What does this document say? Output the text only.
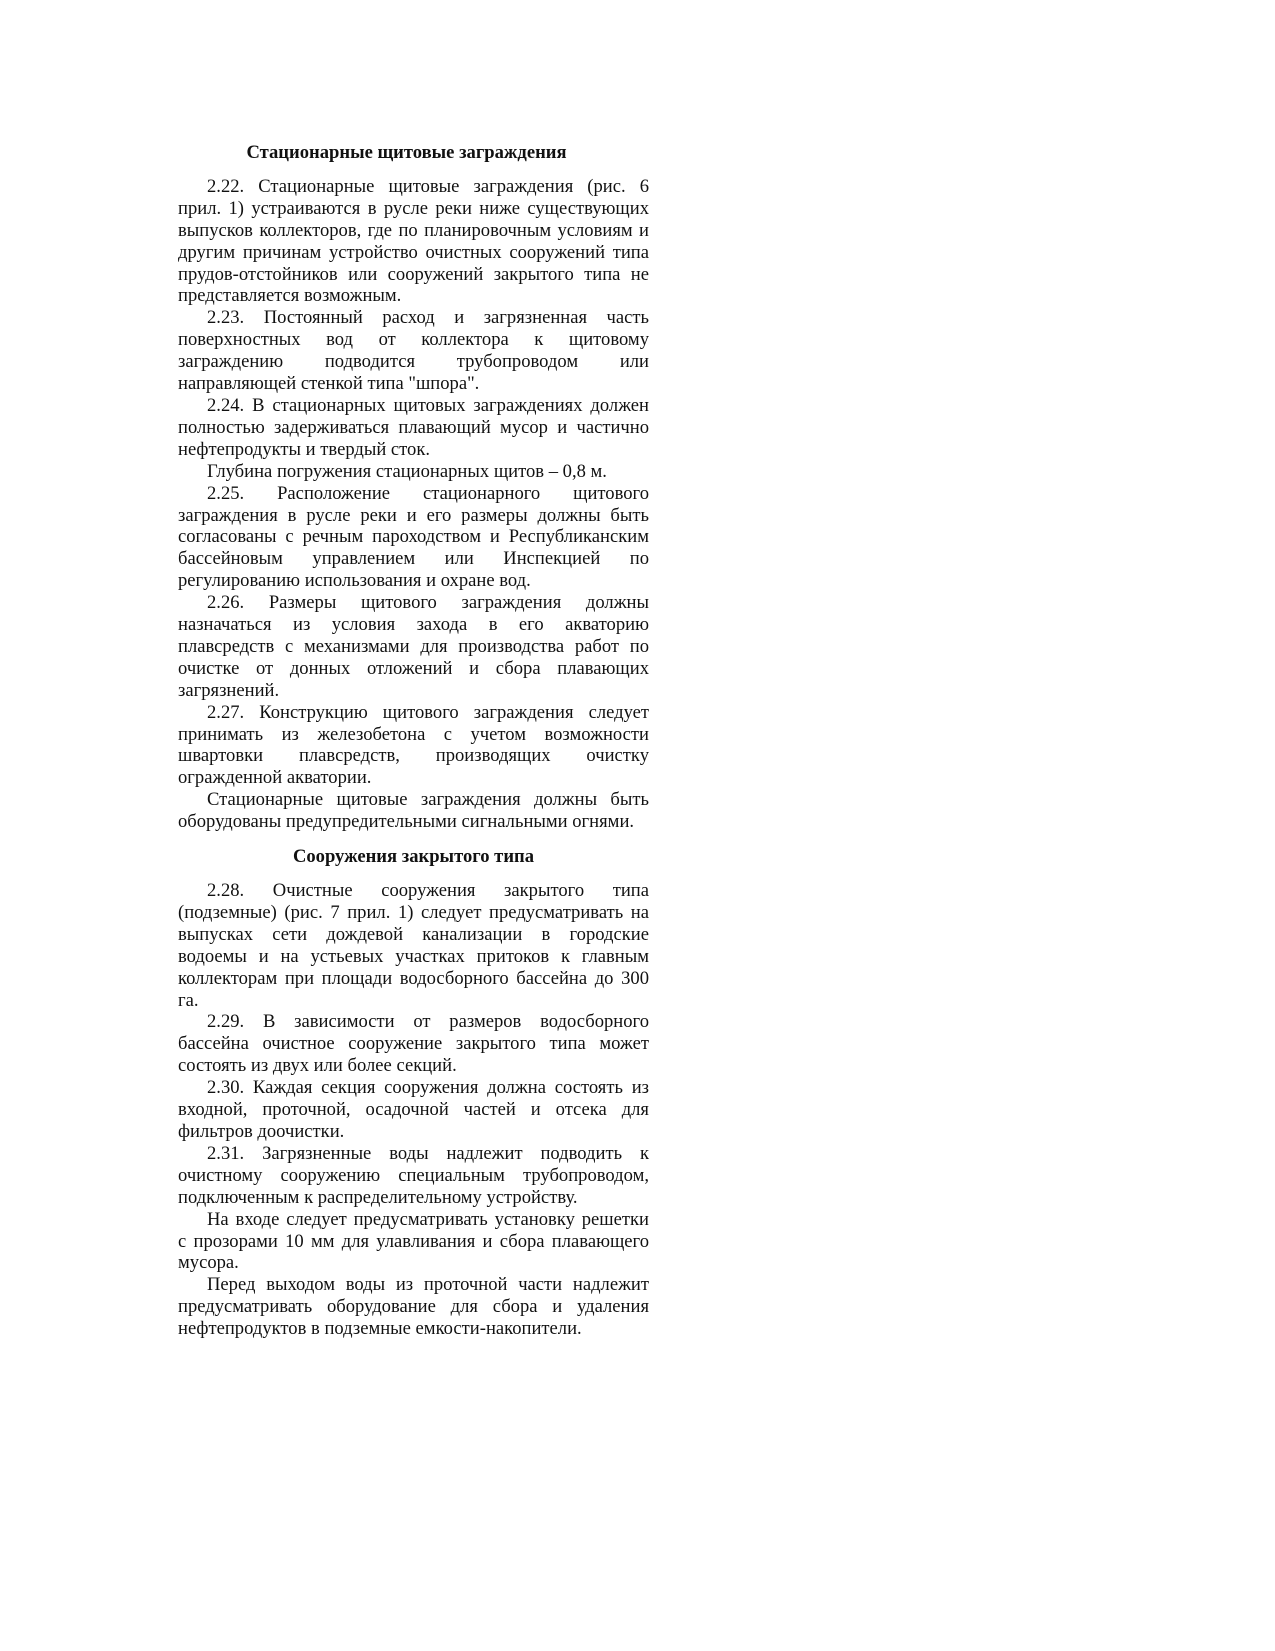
Стационарные щитовые заграждения

2.22. Стационарные щитовые заграждения (рис. 6 прил. 1) устраиваются в русле реки ниже существующих выпусков коллекторов, где по планировочным условиям и другим причинам устройство очистных сооружений типа прудов-отстойников или сооружений закрытого типа не представляется возможным.

2.23. Постоянный расход и загрязненная часть поверхностных вод от коллектора к щитовому заграждению подводится трубопроводом или направляющей стенкой типа "шпора".

2.24. В стационарных щитовых заграждениях должен полностью задерживаться плавающий мусор и частично нефтепродукты и твердый сток.

Глубина погружения стационарных щитов – 0,8 м.

2.25. Расположение стационарного щитового заграждения в русле реки и его размеры должны быть согласованы с речным пароходством и Республиканским бассейновым управлением или Инспекцией по регулированию использования и охране вод.

2.26. Размеры щитового заграждения должны назначаться из условия захода в его акваторию плавсредств с механизмами для производства работ по очистке от донных отложений и сбора плавающих загрязнений.

2.27. Конструкцию щитового заграждения следует принимать из железобетона с учетом возможности швартовки плавсредств, производящих очистку огражденной акватории.

Стационарные щитовые заграждения должны быть оборудованы предупредительными сигнальными огнями.

Сооружения закрытого типа

2.28. Очистные сооружения закрытого типа (подземные) (рис. 7 прил. 1) следует предусматривать на выпусках сети дождевой канализации в городские водоемы и на устьевых участках притоков к главным коллекторам при площади водосборного бассейна до 300 га.

2.29. В зависимости от размеров водосборного бассейна очистное сооружение закрытого типа может состоять из двух или более секций.

2.30. Каждая секция сооружения должна состоять из входной, проточной, осадочной частей и отсека для фильтров доочистки.

2.31. Загрязненные воды надлежит подводить к очистному сооружению специальным трубопроводом, подключенным к распределительному устройству.

На входе следует предусматривать установку решетки с прозорами 10 мм для улавливания и сбора плавающего мусора.

Перед выходом воды из проточной части надлежит предусматривать оборудование для сбора и удаления нефтепродуктов в подземные емкости-накопители.
